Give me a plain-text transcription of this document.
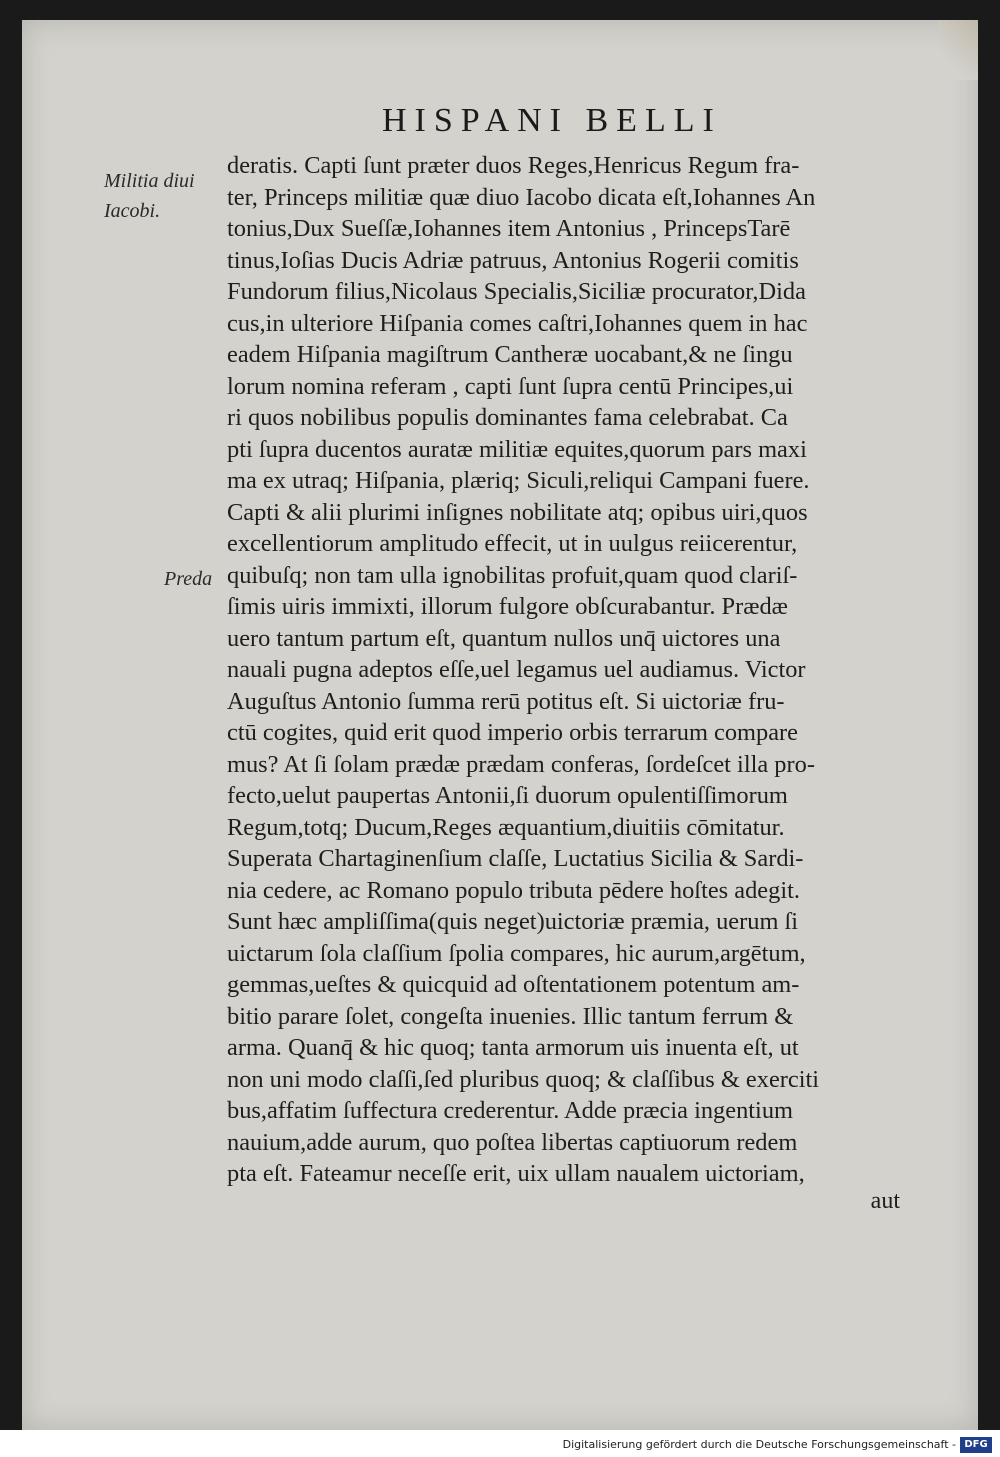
HISPANI BELLI
Militia diui
Iacobi.
Preda
deratis. Capti ſunt præter duos Reges,Henricus Regum fra-
ter, Princeps militiæ quæ diuo Iacobo dicata eſt,Iohannes An
tonius,Dux Sueſſæ,Iohannes item Antonius , PrincepsTarē
tinus,Ioſias Ducis Adriæ patruus, Antonius Rogerii comitis
Fundorum filius,Nicolaus Specialis,Siciliæ procurator,Dida
cus,in ulteriore Hiſpania comes caſtri,Iohannes quem in hac
eadem Hiſpania magiſtrum Cantheræ uocabant,& ne ſingu
lorum nomina referam , capti ſunt ſupra centū Principes,ui
ri quos nobilibus populis dominantes fama celebrabat. Ca
pti ſupra ducentos auratæ militiæ equites,quorum pars maxi
ma ex utraq; Hiſpania, plæriq; Siculi,reliqui Campani fuere.
Capti & alii plurimi inſignes nobilitate atq; opibus uiri,quos
excellentiorum amplitudo effecit, ut in uulgus reiicerentur,
quibuſq; non tam ulla ignobilitas profuit,quam quod clariſ-
ſimis uiris immixti, illorum fulgore obſcurabantur. Prædæ
uero tantum partum eſt, quantum nullos unq̄ uictores una
nauali pugna adeptos eſſe,uel legamus uel audiamus. Victor
Auguſtus Antonio ſumma rerū potitus eſt. Si uictoriæ fru-
ctū cogites, quid erit quod imperio orbis terrarum compare
mus? At ſi ſolam prædæ prædam conferas, ſordeſcet illa pro-
fecto,uelut paupertas Antonii,ſi duorum opulentiſſimorum
Regum,totq; Ducum,Reges æquantium,diuitiis cōmitatur.
Superata Chartaginenſium claſſe, Luctatius Sicilia & Sardi-
nia cedere, ac Romano populo tributa pēdere hoſtes adegit.
Sunt hæc ampliſſima(quis neget)uictoriæ præmia, uerum ſi
uictarum ſola claſſium ſpolia compares, hic aurum,argētum,
gemmas,ueſtes & quicquid ad oſtentationem potentum am-
bitio parare ſolet, congeſta inuenies. Illic tantum ferrum &
arma. Quanq̄ & hic quoq; tanta armorum uis inuenta eſt, ut
non uni modo claſſi,ſed pluribus quoq; & claſſibus & exerciti
bus,affatim ſuffectura crederentur. Adde præcia ingentium
nauium,adde aurum, quo poſtea libertas captiuorum redem
pta eſt. Fateamur neceſſe erit, uix ullam naualem uictoriam,
aut
Digitalisierung gefördert durch die Deutsche Forschungsgemeinschaft - DFG
